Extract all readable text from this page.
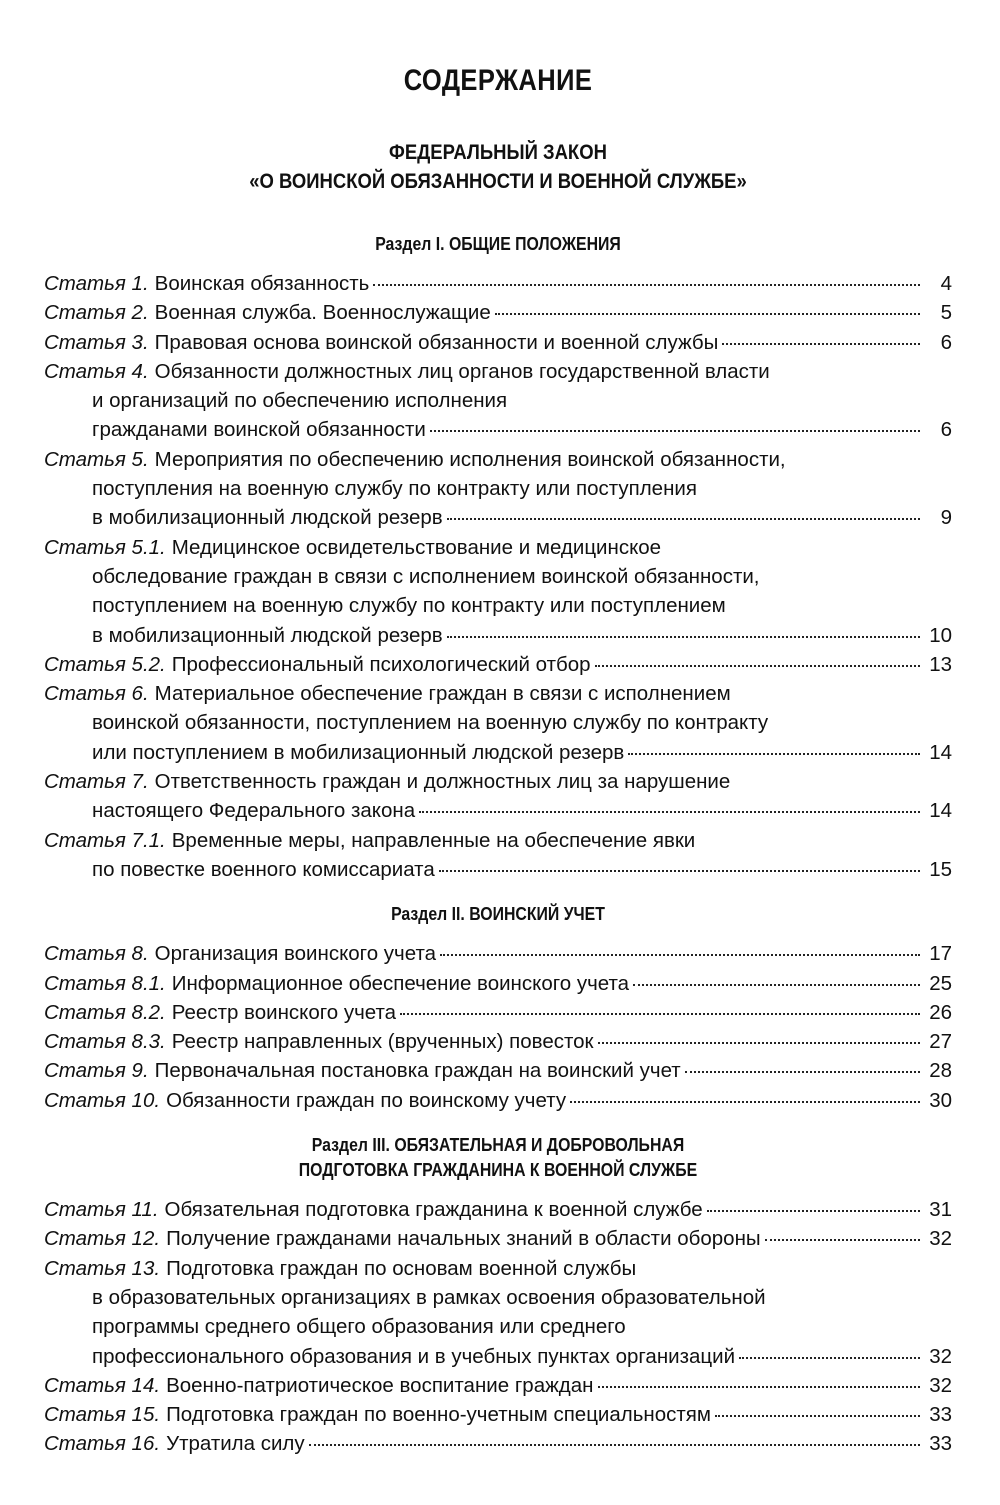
СОДЕРЖАНИЕ
ФЕДЕРАЛЬНЫЙ ЗАКОН
«О ВОИНСКОЙ ОБЯЗАННОСТИ И ВОЕННОЙ СЛУЖБЕ»
Раздел I. ОБЩИЕ ПОЛОЖЕНИЯ
Статья 1. Воинская обязанность	4
Статья 2. Военная служба. Военнослужащие	5
Статья 3. Правовая основа воинской обязанности и военной службы	6
Статья 4. Обязанности должностных лиц органов государственной власти
и организаций по обеспечению исполнения
гражданами воинской обязанности	6
Статья 5. Мероприятия по обеспечению исполнения воинской обязанности,
поступления на военную службу по контракту или поступления
в мобилизационный людской резерв	9
Статья 5.1. Медицинское освидетельствование и медицинское
обследование граждан в связи с исполнением воинской обязанности,
поступлением на военную службу по контракту или поступлением
в мобилизационный людской резерв	10
Статья 5.2. Профессиональный психологический отбор	13
Статья 6. Материальное обеспечение граждан в связи с исполнением
воинской обязанности, поступлением на военную службу по контракту
или поступлением в мобилизационный людской резерв	14
Статья 7. Ответственность граждан и должностных лиц за нарушение
настоящего Федерального закона	14
Статья 7.1. Временные меры, направленные на обеспечение явки
по повестке военного комиссариата	15
Раздел II. ВОИНСКИЙ УЧЕТ
Статья 8. Организация воинского учета	17
Статья 8.1. Информационное обеспечение воинского учета	25
Статья 8.2. Реестр воинского учета	26
Статья 8.3. Реестр направленных (врученных) повесток	27
Статья 9. Первоначальная постановка граждан на воинский учет	28
Статья 10. Обязанности граждан по воинскому учету	30
Раздел III. ОБЯЗАТЕЛЬНАЯ И ДОБРОВОЛЬНАЯ
ПОДГОТОВКА ГРАЖДАНИНА К ВОЕННОЙ СЛУЖБЕ
Статья 11. Обязательная подготовка гражданина к военной службе	31
Статья 12. Получение гражданами начальных знаний в области обороны	32
Статья 13. Подготовка граждан по основам военной службы
в образовательных организациях в рамках освоения образовательной
программы среднего общего образования или среднего
профессионального образования и в учебных пунктах организаций	32
Статья 14. Военно-патриотическое воспитание граждан	32
Статья 15. Подготовка граждан по военно-учетным специальностям	33
Статья 16. Утратила силу	33
